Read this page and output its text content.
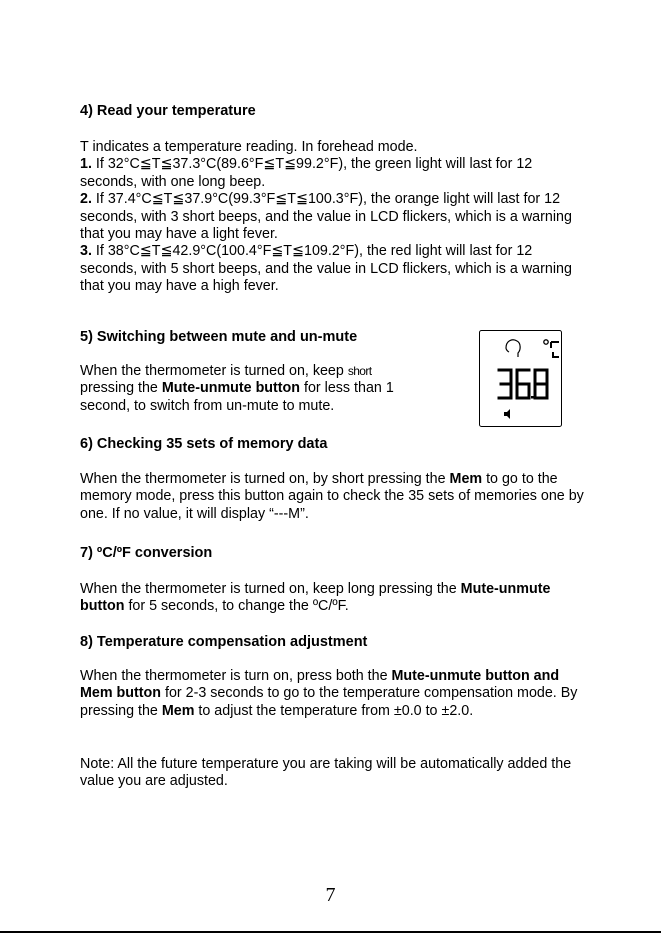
4) Read your temperature

T indicates a temperature reading. In forehead mode.

1. If 32°C≦T≦37.3°C(89.6°F≦T≦99.2°F), the green light will last for 12 seconds, with one long beep.

2. If 37.4°C≦T≦37.9°C(99.3°F≦T≦100.3°F), the orange light will last for 12 seconds, with 3 short beeps, and the value in LCD flickers, which is a warning that you may have a light fever.

3. If 38°C≦T≦42.9°C(100.4°F≦T≦109.2°F), the red light will last for 12 seconds, with 5 short beeps, and the value in LCD flickers, which is a warning that you may have a high fever.

5) Switching between mute and un-mute
When the thermometer is turned on, keep short pressing the Mute-unmute button for less than 1 second, to switch from un-mute to mute.
6) Checking 35 sets of memory data
When the thermometer is turned on, by short pressing the Mem to go to the memory mode, press this button again to check the 35 sets of memories one by one. If no value, it will display “---M”.
7) ºC/ºF conversion
When the thermometer is turned on, keep long pressing the Mute-unmute button for 5 seconds, to change the ºC/ºF.
8) Temperature compensation adjustment
When the thermometer is turn on, press both the Mute-unmute button and Mem button for 2-3 seconds to go to the temperature compensation mode. By pressing the Mem to adjust the temperature from ±0.0 to ±2.0.
Note: All the future temperature you are taking will be automatically added the value you are adjusted.
7
